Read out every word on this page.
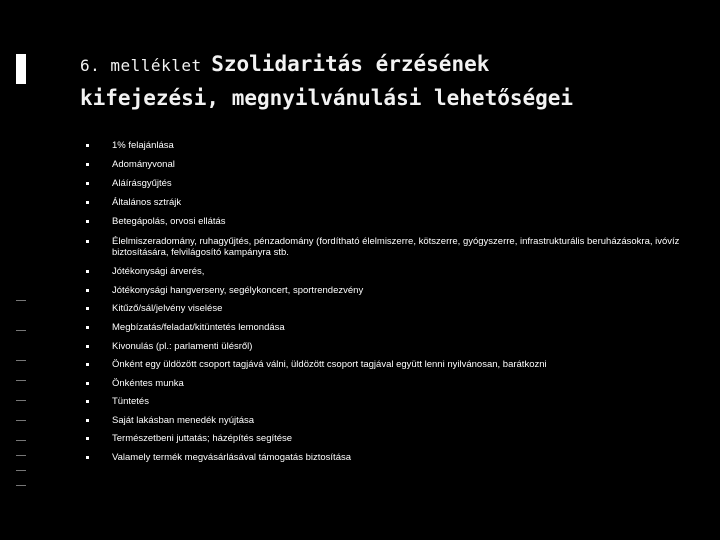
6. melléklet Szolidaritás érzésének
kifejezési, megnyilvánulási lehetőségei
1% felajánlása
Adományvonal
Aláírásgyűjtés
Általános sztrájk
Betegápolás, orvosi ellátás
Élelmiszeradomány, ruhagyűjtés, pénzadomány (fordítható élelmiszerre, kötszerre, gyógyszerre, infrastrukturális beruházásokra, ivóvíz biztosítására, felvilágosító kampányra stb.
Jótékonysági árverés,
Jótékonysági hangverseny, segélykoncert, sportrendezvény
Kitűző/sál/jelvény viselése
Megbízatás/feladat/kitüntetés lemondása
Kivonulás (pl.: parlamenti ülésről)
Önként egy üldözött csoport tagjává válni, üldözött csoport tagjával együtt lenni nyilvánosan, barátkozni
Önkéntes munka
Tüntetés
Saját lakásban menedék nyújtása
Természetbeni juttatás; házépítés segítése
Valamely termék megvásárlásával támogatás biztosítása
